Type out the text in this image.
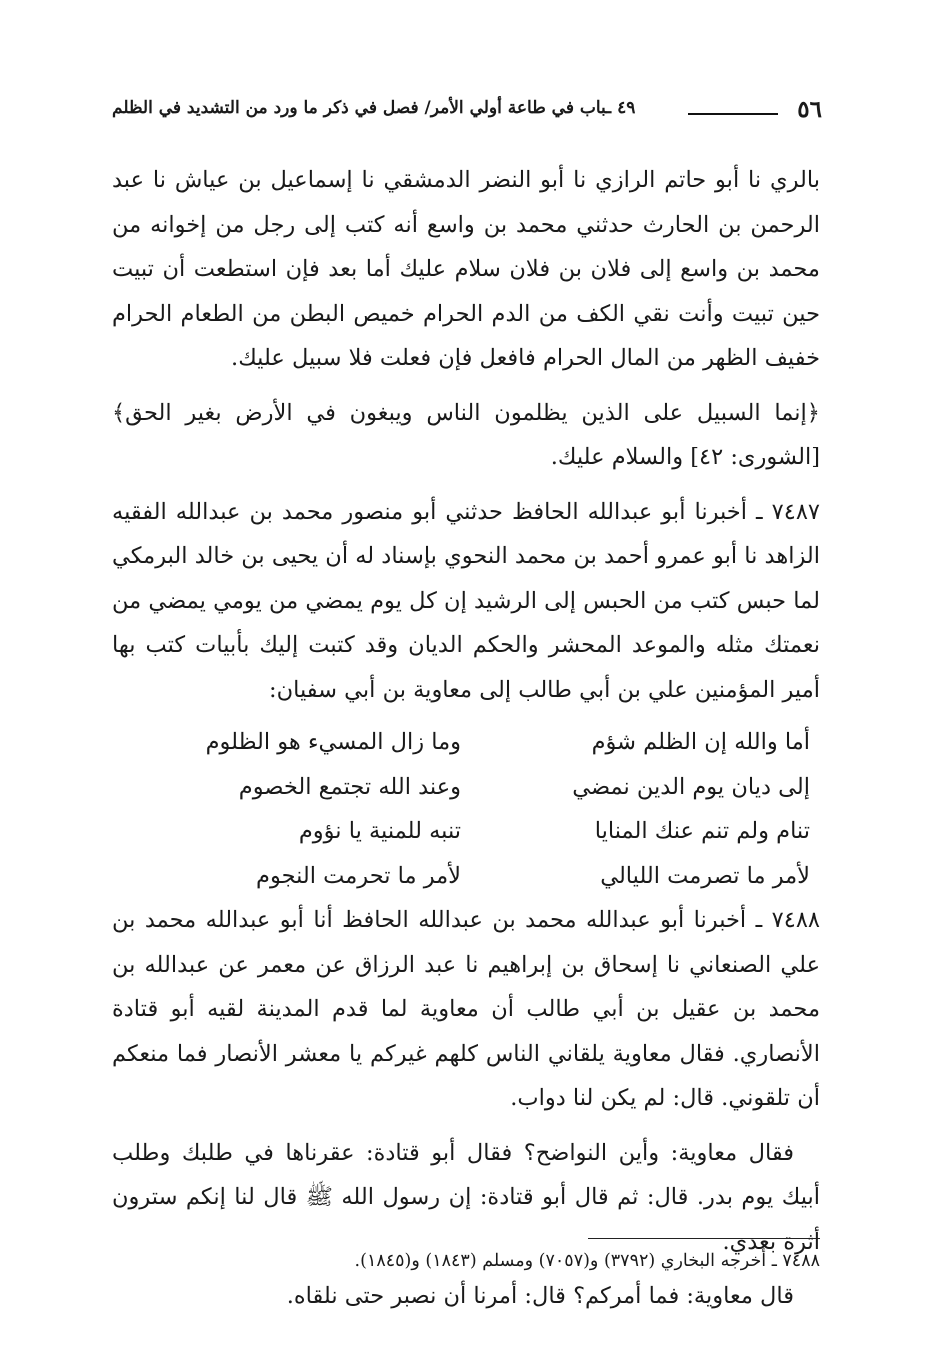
٥٦
٤٩ ـباب في طاعة أولي الأمر/ فصل في ذكر ما ورد من التشديد في الظلم

بالري نا أبو حاتم الرازي نا أبو النضر الدمشقي نا إسماعيل بن عياش نا عبد الرحمن بن الحارث حدثني محمد بن واسع أنه كتب إلى رجل من إخوانه من محمد بن واسع إلى فلان بن فلان سلام عليك أما بعد فإن استطعت أن تبيت حين تبيت وأنت نقي الكف من الدم الحرام خميص البطن من الطعام الحرام خفيف الظهر من المال الحرام فافعل فإن فعلت فلا سبيل عليك.

﴿إنما السبيل على الذين يظلمون الناس ويبغون في الأرض بغير الحق﴾ [الشورى: ٤٢] والسلام عليك.

٧٤٨٧ ـ أخبرنا أبو عبدالله الحافظ حدثني أبو منصور محمد بن عبدالله الفقيه الزاهد نا أبو عمرو أحمد بن محمد النحوي بإسناد له أن يحيى بن خالد البرمكي لما حبس كتب من الحبس إلى الرشيد إن كل يوم يمضي من يومي يمضي من نعمتك مثله والموعد المحشر والحكم الديان وقد كتبت إليك بأبيات كتب بها أمير المؤمنين علي بن أبي طالب إلى معاوية بن أبي سفيان:

أما والله إن الظلم شؤم
وما زال المسيء هو الظلوم
إلى ديان يوم الدين نمضي
وعند الله تجتمع الخصوم
تنام ولم تنم عنك المنايا
تنبه للمنية يا نؤوم
لأمر ما تصرمت الليالي
لأمر ما تحرمت النجوم

٧٤٨٨ ـ أخبرنا أبو عبدالله محمد بن عبدالله الحافظ أنا أبو عبدالله محمد بن علي الصنعاني نا إسحاق بن إبراهيم نا عبد الرزاق عن معمر عن عبدالله بن محمد بن عقيل بن أبي طالب أن معاوية لما قدم المدينة لقيه أبو قتادة الأنصاري. فقال معاوية يلقاني الناس كلهم غيركم يا معشر الأنصار فما منعكم أن تلقوني. قال: لم يكن لنا دواب.

فقال معاوية: وأين النواضح؟ فقال أبو قتادة: عقرناها في طلبك وطلب أبيك يوم بدر. قال: ثم قال أبو قتادة: إن رسول الله ﷺ قال لنا إنكم سترون أثرة بعدي.

قال معاوية: فما أمركم؟ قال: أمرنا أن نصبر حتى نلقاه.

٧٤٨٨ ـ أخرجه البخاري (٣٧٩٢) و(٧٠٥٧) ومسلم (١٨٤٣) و(١٨٤٥).
